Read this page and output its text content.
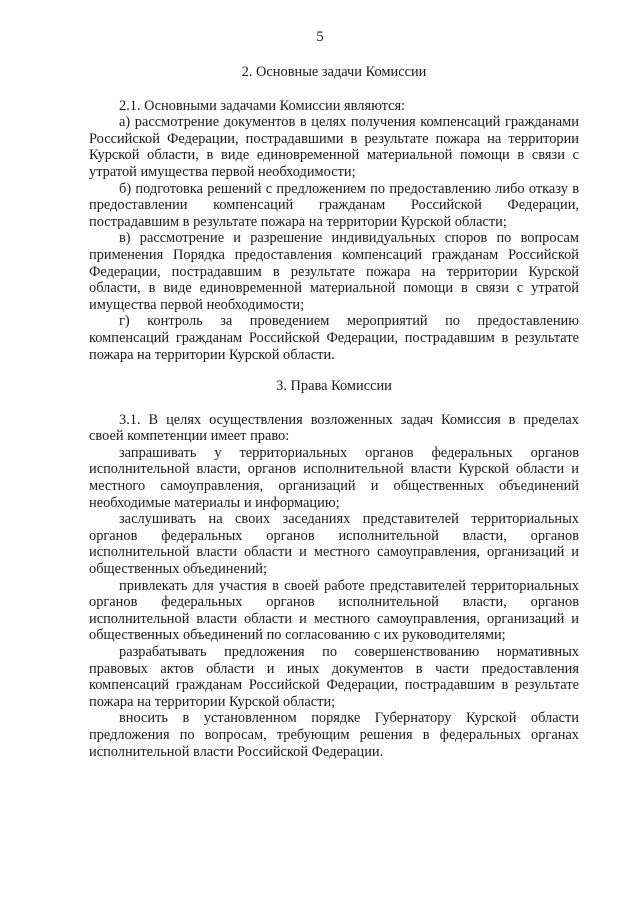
5
2. Основные задачи Комиссии

2.1. Основными задачами Комиссии являются:

а) рассмотрение документов в целях получения компенсаций гражданами Российской Федерации, пострадавшими в результате пожара на территории Курской области, в виде единовременной материальной помощи в связи с утратой имущества первой необходимости;

б) подготовка решений с предложением по предоставлению либо отказу в предоставлении компенсаций гражданам Российской Федерации, пострадавшим в результате пожара на территории Курской области;

в) рассмотрение и разрешение индивидуальных споров по вопросам применения Порядка предоставления компенсаций гражданам Российской Федерации, пострадавшим в результате пожара на территории Курской области, в виде единовременной материальной помощи в связи с утратой имущества первой необходимости;

г) контроль за проведением мероприятий по предоставлению компенсаций гражданам Российской Федерации, пострадавшим в результате пожара на территории Курской области.

3. Права Комиссии

3.1. В целях осуществления возложенных задач Комиссия в пределах своей компетенции имеет право:

запрашивать у территориальных органов федеральных органов исполнительной власти, органов исполнительной власти Курской области и местного самоуправления, организаций и общественных объединений необходимые материалы и информацию;

заслушивать на своих заседаниях представителей территориальных органов федеральных органов исполнительной власти, органов исполнительной власти области и местного самоуправления, организаций и общественных объединений;

привлекать для участия в своей работе представителей территориальных органов федеральных органов исполнительной власти, органов исполнительной власти области и местного самоуправления, организаций и общественных объединений по согласованию с их руководителями;

разрабатывать предложения по совершенствованию нормативных правовых актов области и иных документов в части предоставления компенсаций гражданам Российской Федерации, пострадавшим в результате пожара на территории Курской области;

вносить в установленном порядке Губернатору Курской области предложения по вопросам, требующим решения в федеральных органах исполнительной власти Российской Федерации.
